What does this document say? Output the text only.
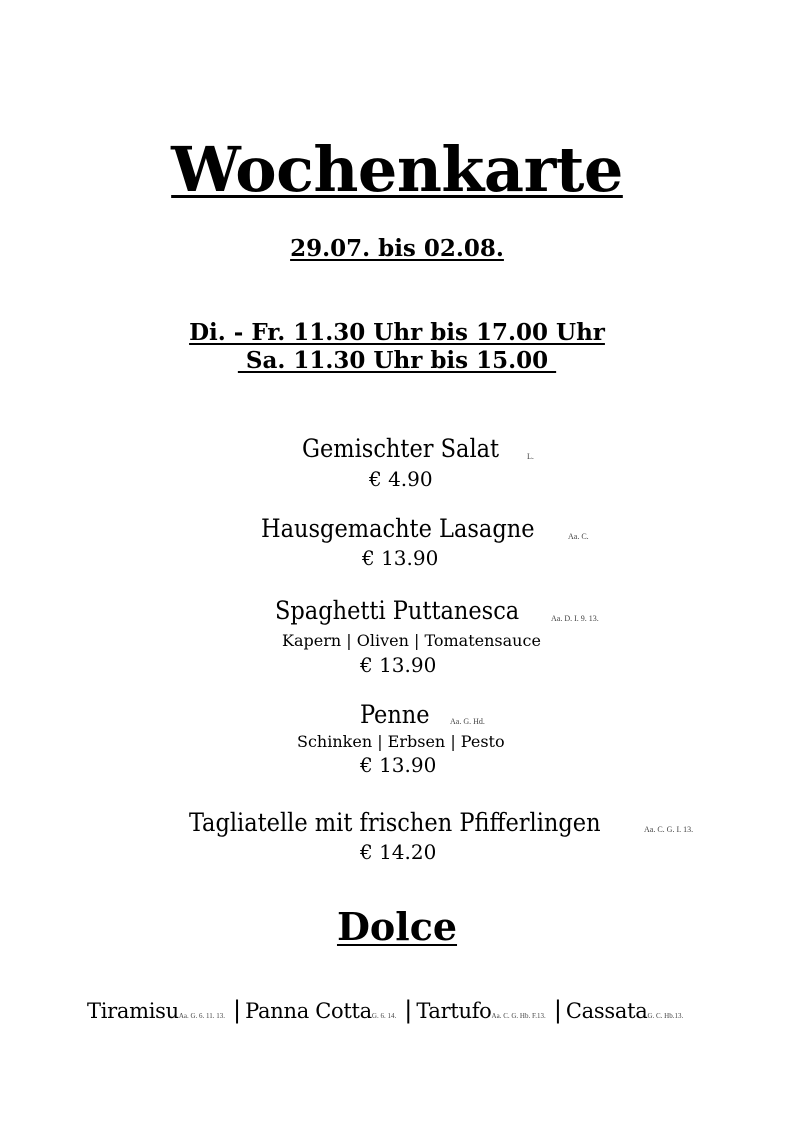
Wochenkarte
29.07. bis 02.08.
Di. - Fr. 11.30 Uhr bis 17.00 Uhr
Sa. 11.30 Uhr bis 15.00
Gemischter Salat	L.
€ 4.90
Hausgemachte Lasagne	Aa. C.
€ 13.90
Spaghetti Puttanesca	Aa. D. I. 9. 13.
Kapern | Oliven | Tomatensauce
€ 13.90
Penne	Aa. G. Hd.
Schinken | Erbsen | Pesto
€ 13.90
Tagliatelle mit frischen Pfifferlingen	Aa. C. G. I. 13.
€ 14.20
Dolce
Tiramisu Aa. G. 6. 11. 13. | Panna Cotta G. 6. 14. | Tartufo Aa. C. G. Hb. F.13. | Cassata G. C. Hb.13.
